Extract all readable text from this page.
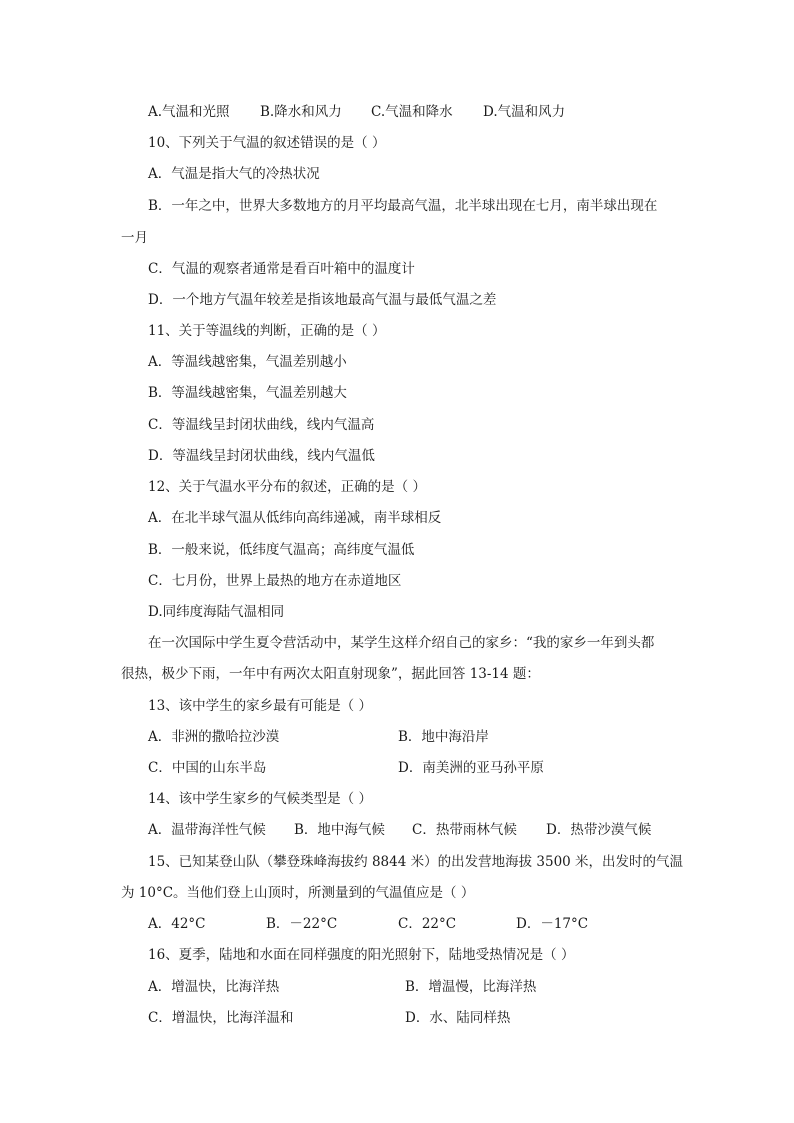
A.气温和光照 B.降水和风力 C.气温和降水 D.气温和风力
10、下列关于气温的叙述错误的是（ ）
A．气温是指大气的冷热状况
B．一年之中，世界大多数地方的月平均最高气温，北半球出现在七月，南半球出现在
一月
C．气温的观察者通常是看百叶箱中的温度计
D．一个地方气温年较差是指该地最高气温与最低气温之差
11、关于等温线的判断，正确的是（ ）
A．等温线越密集，气温差别越小
B．等温线越密集，气温差别越大
C．等温线呈封闭状曲线，线内气温高
D．等温线呈封闭状曲线，线内气温低
12、关于气温水平分布的叙述，正确的是（ ）
A．在北半球气温从低纬向高纬递减，南半球相反
B．一般来说，低纬度气温高；高纬度气温低
C．七月份，世界上最热的地方在赤道地区
D.同纬度海陆气温相同
在一次国际中学生夏令营活动中，某学生这样介绍自己的家乡：“我的家乡一年到头都
很热，极少下雨，一年中有两次太阳直射现象”，据此回答 13-14 题：
13、该中学生的家乡最有可能是（ ）
A．非洲的撒哈拉沙漠	B．地中海沿岸
C．中国的山东半岛	D．南美洲的亚马孙平原
14、该中学生家乡的气候类型是（ ）
A．温带海洋性气候 B．地中海气候 C．热带雨林气候 D．热带沙漠气候
15、已知某登山队（攀登珠峰海拔约 8844 米）的出发营地海拔 3500 米，出发时的气温
为 10°C。当他们登上山顶时，所测量到的气温值应是（ ）
A．42°C	B．－22°C	C．22°C	D．－17°C
16、夏季，陆地和水面在同样强度的阳光照射下，陆地受热情况是（ ）
A．增温快，比海洋热	B．增温慢，比海洋热
C．增温快，比海洋温和	D．水、陆同样热
